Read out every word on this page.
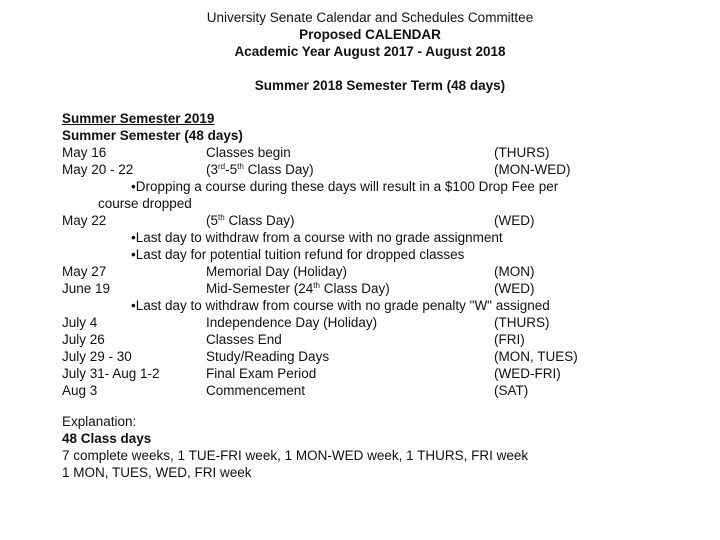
University Senate Calendar and Schedules Committee
Proposed CALENDAR
Academic Year August 2017 - August 2018
Summer 2018 Semester Term (48 days)
Summer Semester 2019
Summer Semester (48 days)
May 16	Classes begin	(THURS)
May 20 - 22	(3rd-5th Class Day)	(MON-WED)
•Dropping a course during these days will result in a $100 Drop Fee per
course dropped
May 22	(5th Class Day)	(WED)
•Last day to withdraw from a course with no grade assignment
•Last day for potential tuition refund for dropped classes
May 27	Memorial Day (Holiday)	(MON)
June 19	Mid-Semester (24th Class Day)	(WED)
•Last day to withdraw from course with no grade penalty "W" assigned
July 4	Independence Day (Holiday)	(THURS)
July 26	Classes End	(FRI)
July 29 - 30	Study/Reading Days	(MON, TUES)
July 31- Aug 1-2	Final Exam Period	(WED-FRI)
Aug 3	Commencement	(SAT)
Explanation:
48 Class days
7 complete weeks, 1 TUE-FRI week, 1 MON-WED week, 1 THURS, FRI week
1 MON, TUES, WED, FRI week
